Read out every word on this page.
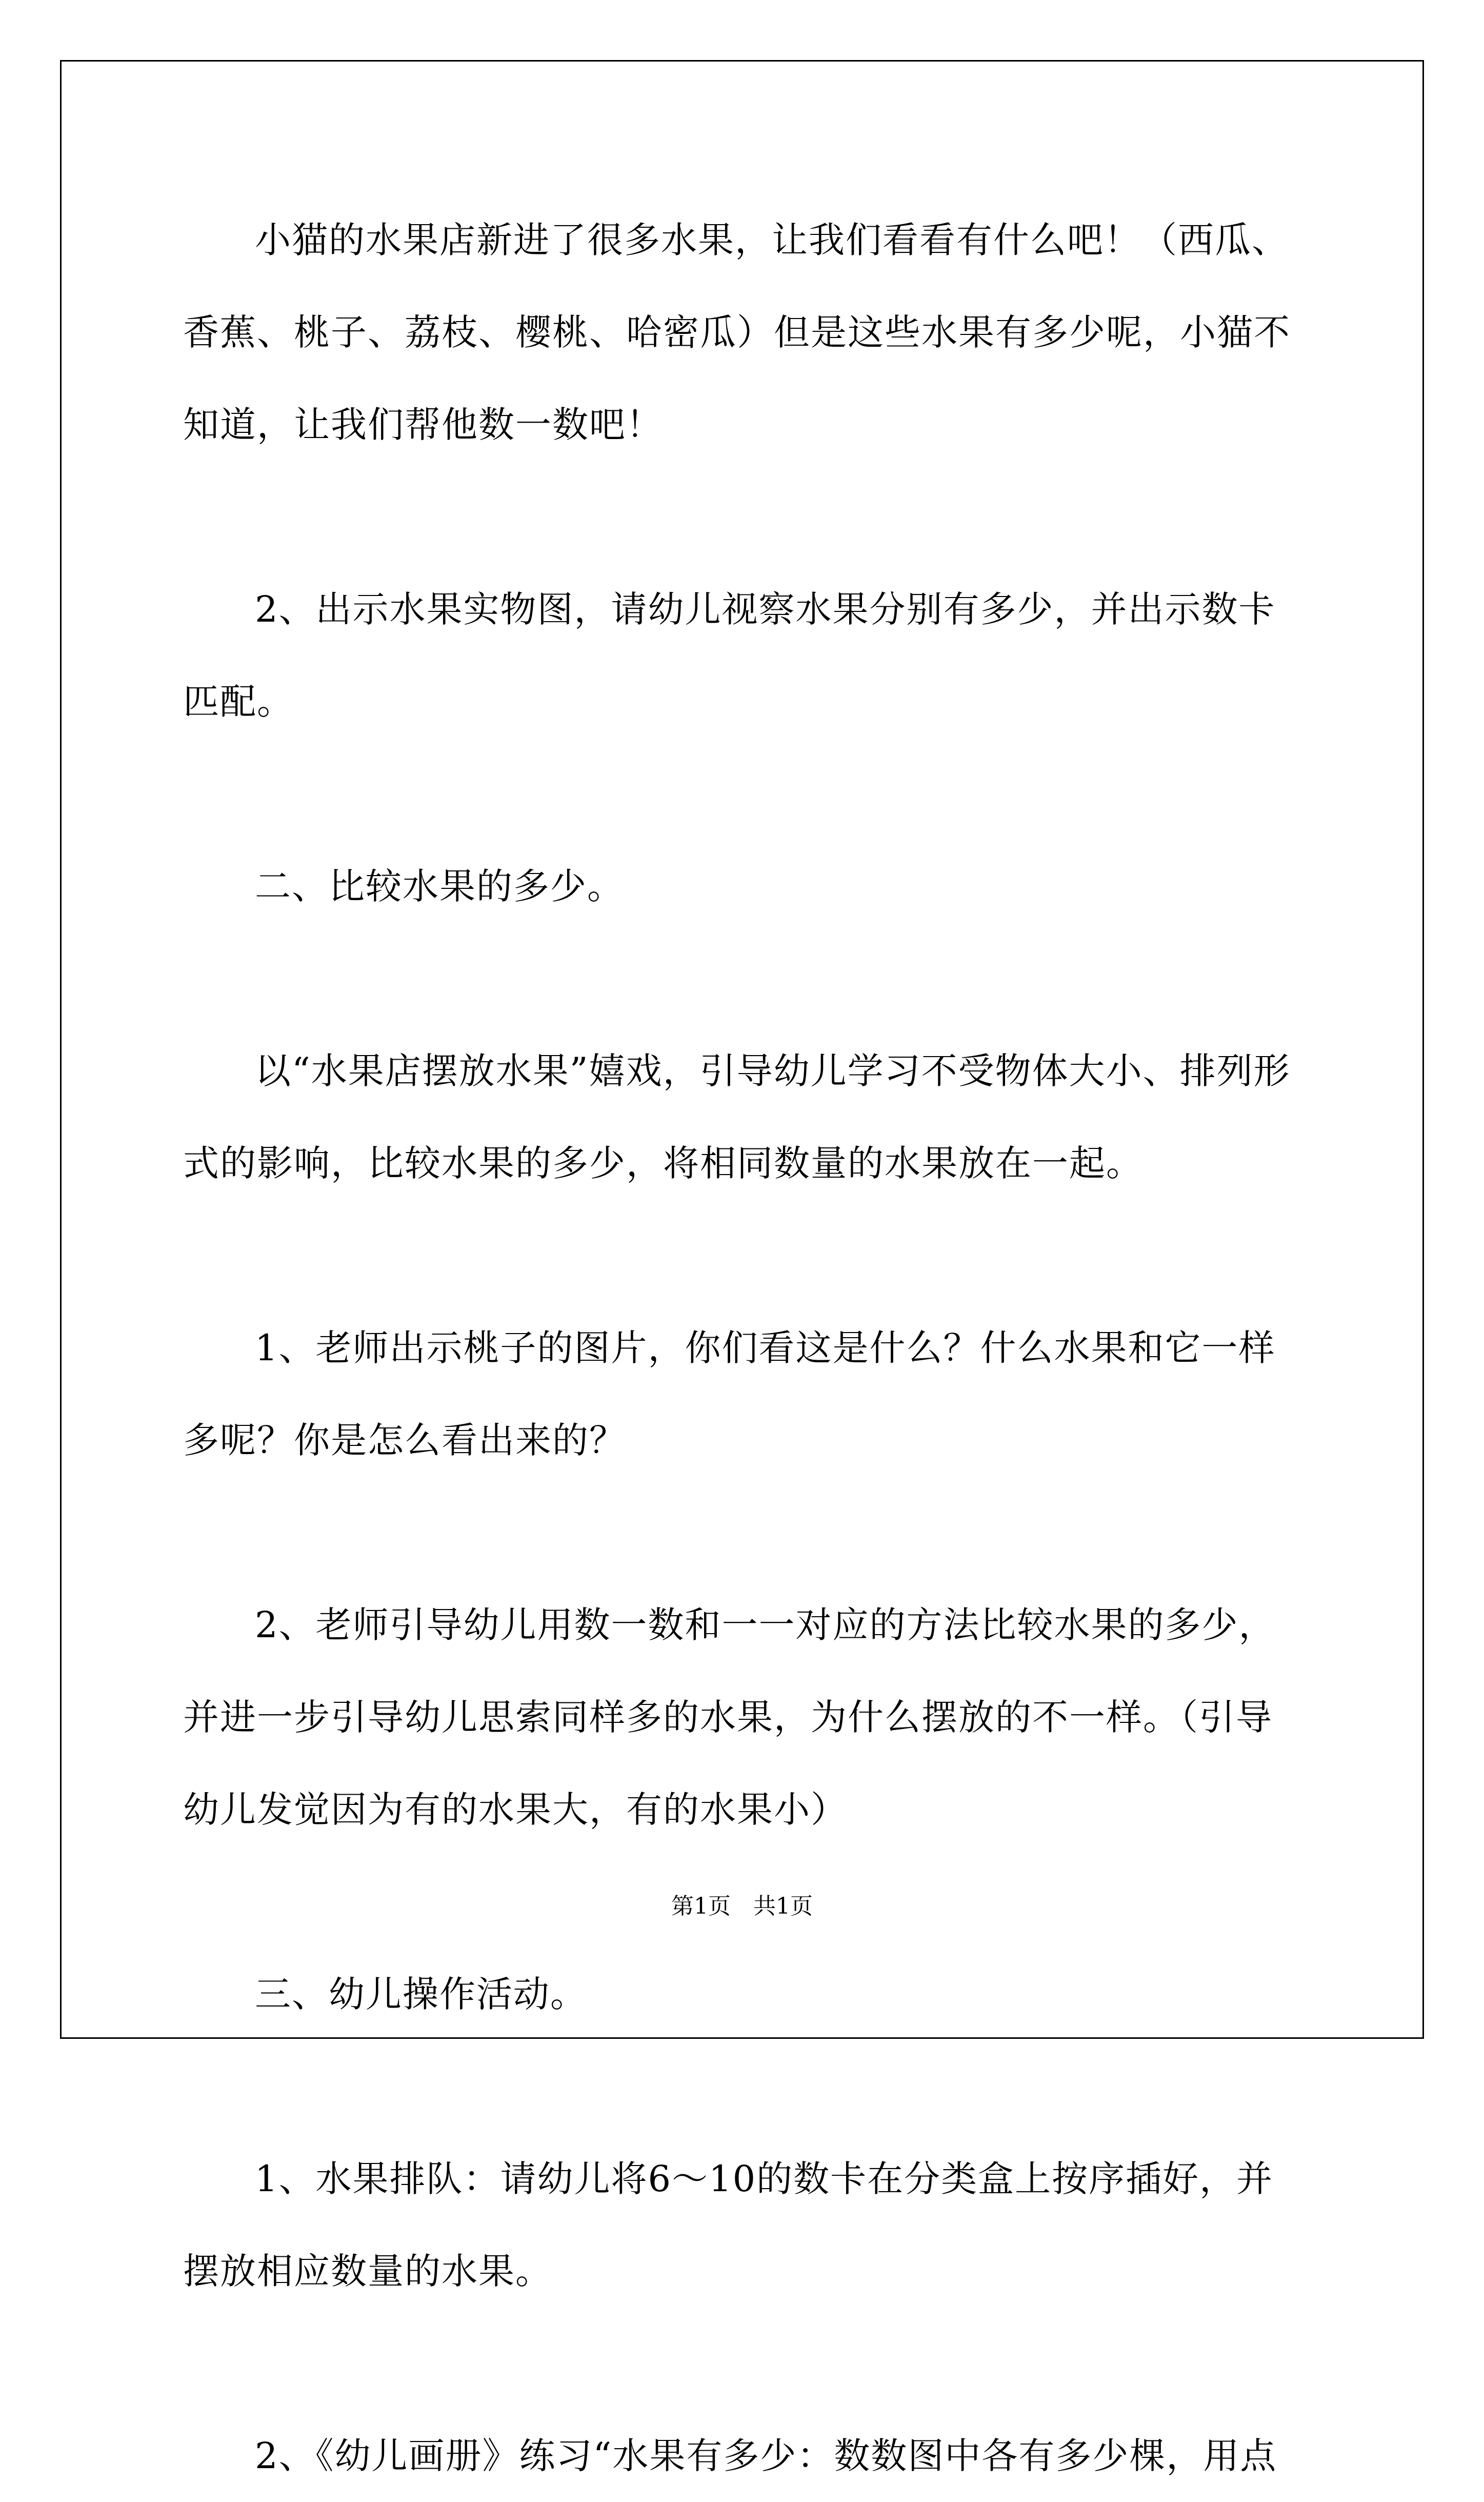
小猫的水果店新进了很多水果，让我们看看有什么吧！（西瓜、香蕉、桃子、荔枝、樱桃、哈密瓜）但是这些水果有多少呢，小猫不知道，让我们帮他数一数吧！

2、出示水果实物图，请幼儿视察水果分别有多少，并出示数卡匹配。

二、比较水果的多少。

以“水果店摆放水果”嬉戏，引导幼儿学习不受物体大小、排列形式的影响，比较水果的多少，将相同数量的水果放在一起。

1、老师出示桃子的图片，你们看这是什么？什么水果和它一样多呢？你是怎么看出来的？

2、老师引导幼儿用数一数和一一对应的方法比较水果的多少，并进一步引导幼儿思索同样多的水果，为什么摆放的不一样。（引导幼儿发觉因为有的水果大，有的水果小）

三、幼儿操作活动。

1、水果排队：请幼儿将6～10的数卡在分类盒上按序插好，并摆放相应数量的水果。

2、《幼儿画册》练习“水果有多少：数数图中各有多少棵，用点

第1页　共1页
